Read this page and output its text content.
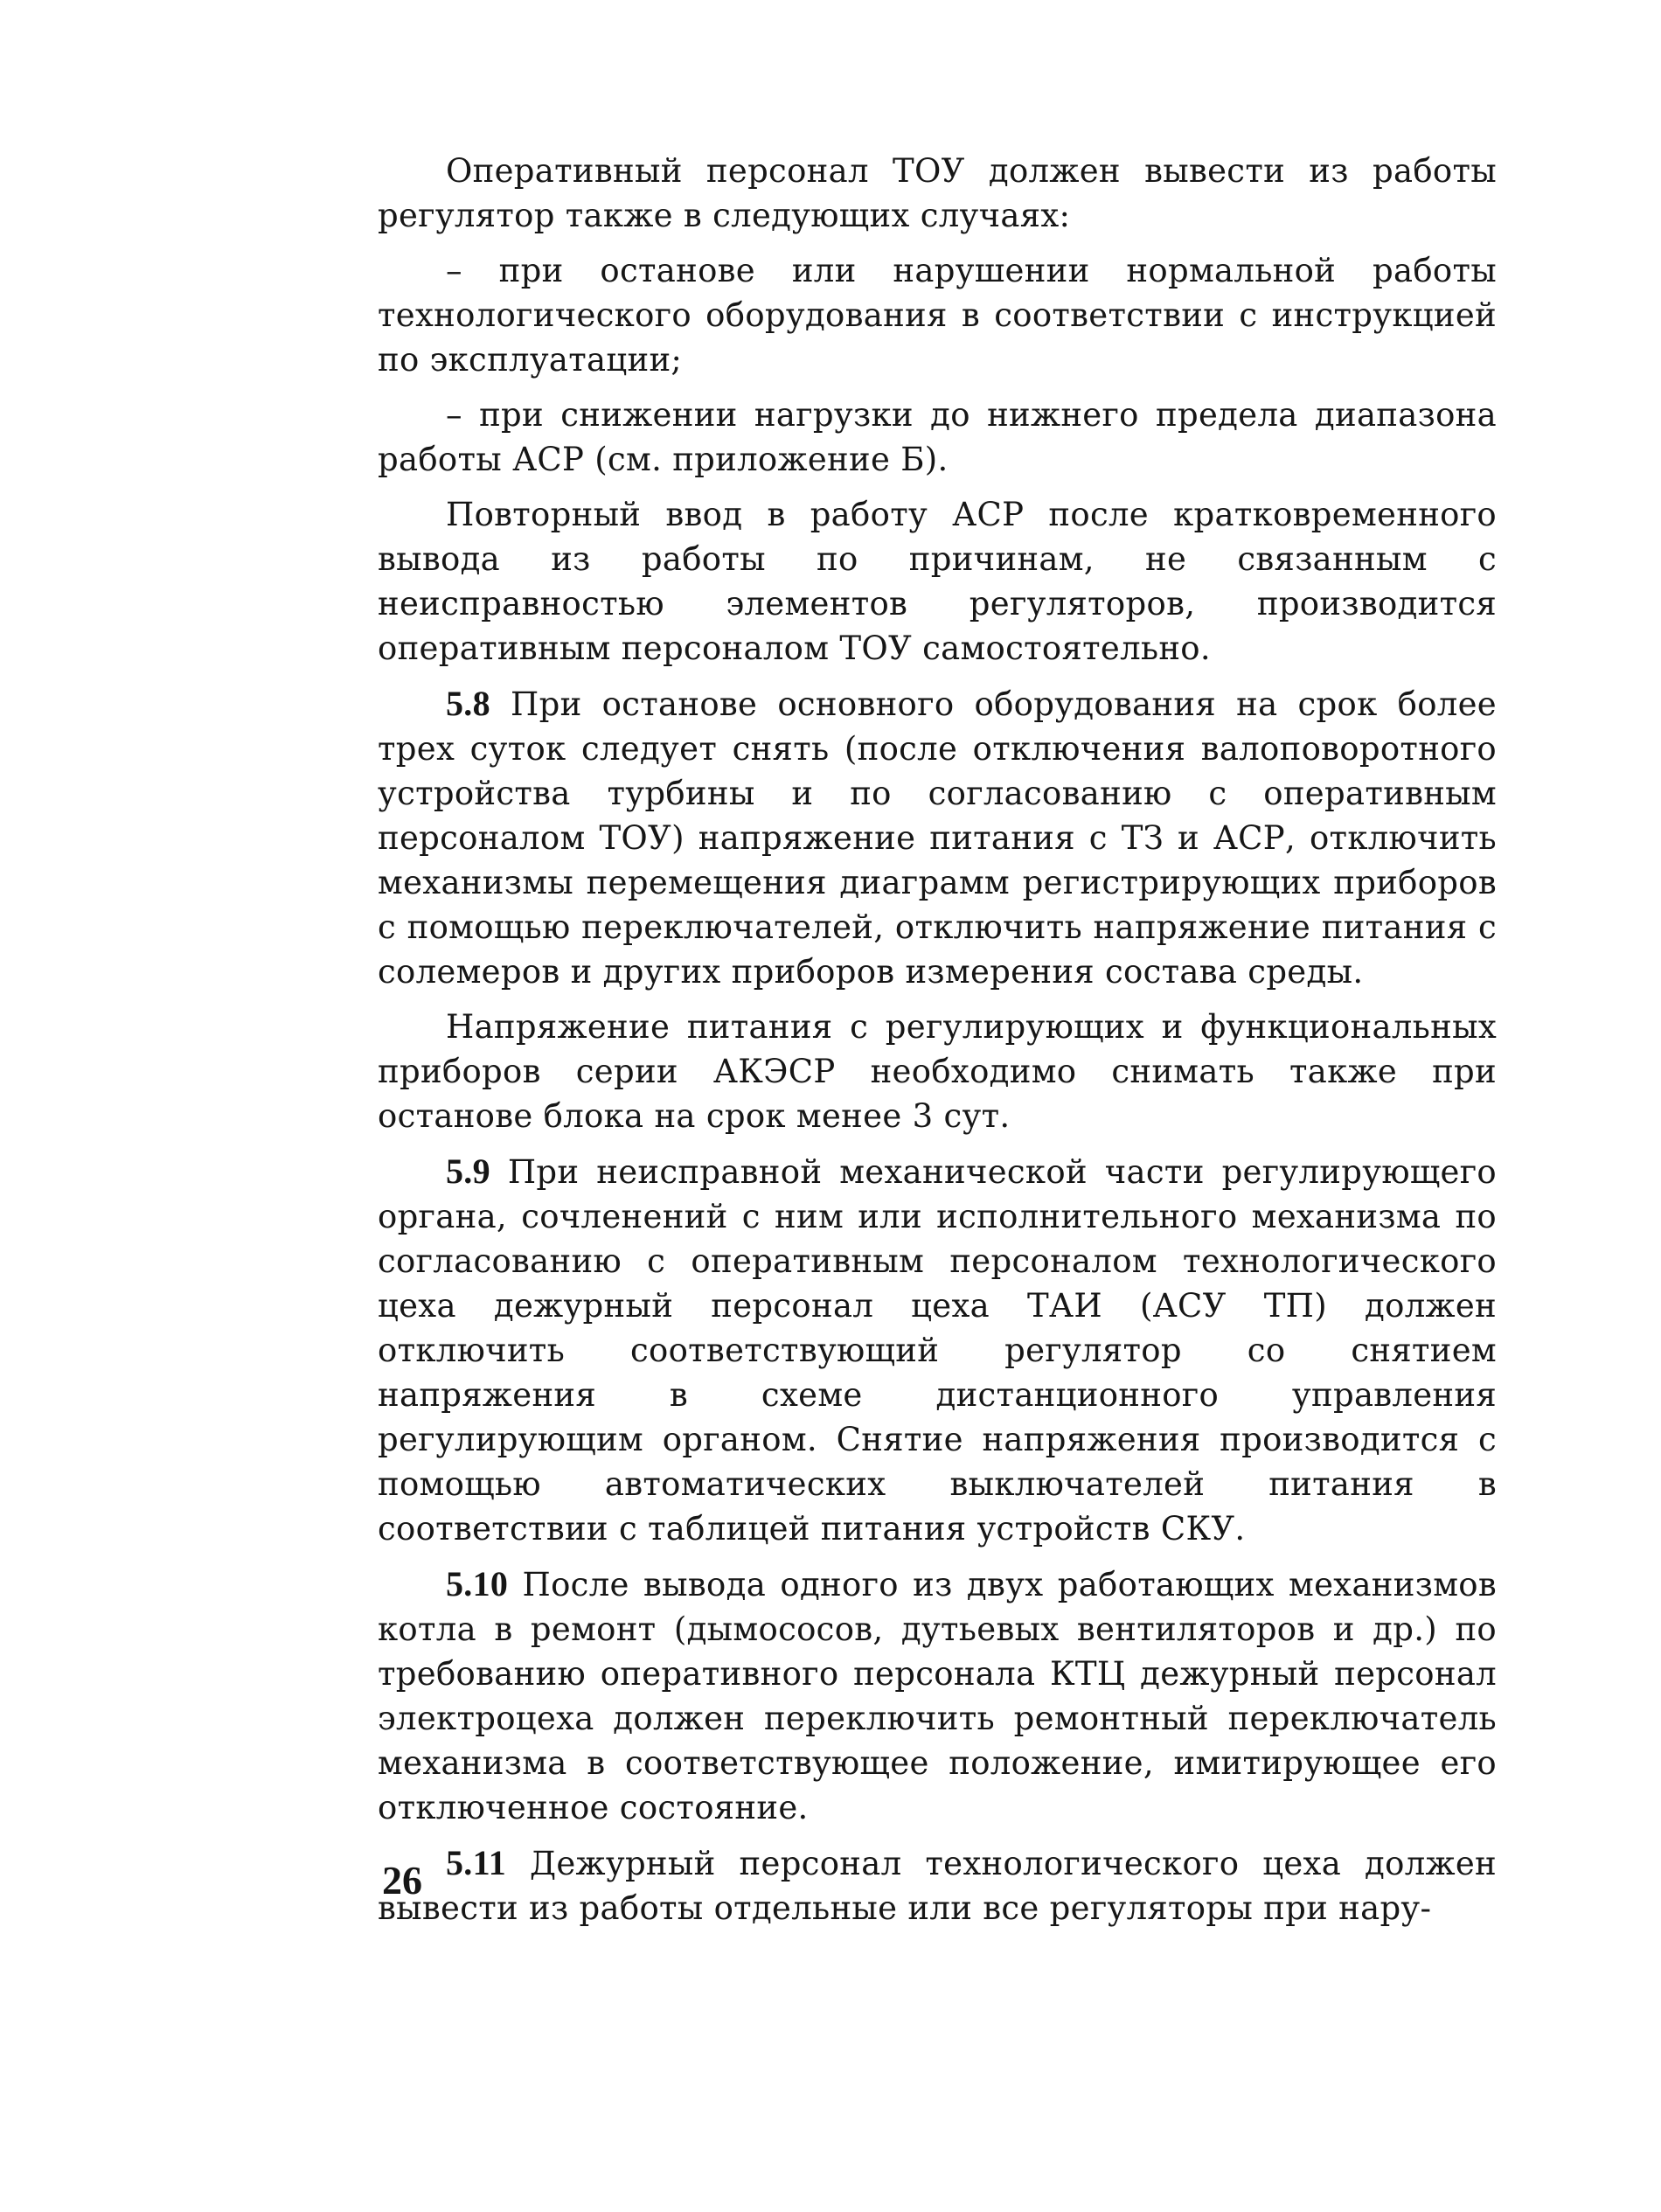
Оперативный персонал ТОУ должен вывести из работы регулятор также в следующих случаях:

– при останове или нарушении нормальной работы технологического оборудования в соответствии с инструкцией по эксплуатации;

– при снижении нагрузки до нижнего предела диапазона работы АСР (см. приложение Б).

Повторный ввод в работу АСР после кратковременного вывода из работы по причинам, не связанным с неисправностью элементов регуляторов, производится оперативным персоналом ТОУ самостоятельно.

5.8 При останове основного оборудования на срок более трех суток следует снять (после отключения валоповоротного устройства турбины и по согласованию с оперативным персоналом ТОУ) напряжение питания с ТЗ и АСР, отключить механизмы перемещения диаграмм регистрирующих приборов с помощью переключателей, отключить напряжение питания с солемеров и других приборов измерения состава среды.

Напряжение питания с регулирующих и функциональных приборов серии АКЭСР необходимо снимать также при останове блока на срок менее 3 сут.

5.9 При неисправной механической части регулирующего органа, сочленений с ним или исполнительного механизма по согласованию с оперативным персоналом технологического цеха дежурный персонал цеха ТАИ (АСУ ТП) должен отключить соответствующий регулятор со снятием напряжения в схеме дистанционного управления регулирующим органом. Снятие напряжения производится с помощью автоматических выключателей питания в соответствии с таблицей питания устройств СКУ.

5.10 После вывода одного из двух работающих механизмов котла в ремонт (дымососов, дутьевых вентиляторов и др.) по требованию оперативного персонала КТЦ дежурный персонал электроцеха должен переключить ремонтный переключатель механизма в соответствующее положение, имитирующее его отключенное состояние.

5.11 Дежурный персонал технологического цеха должен вывести из работы отдельные или все регуляторы при нару-

26
